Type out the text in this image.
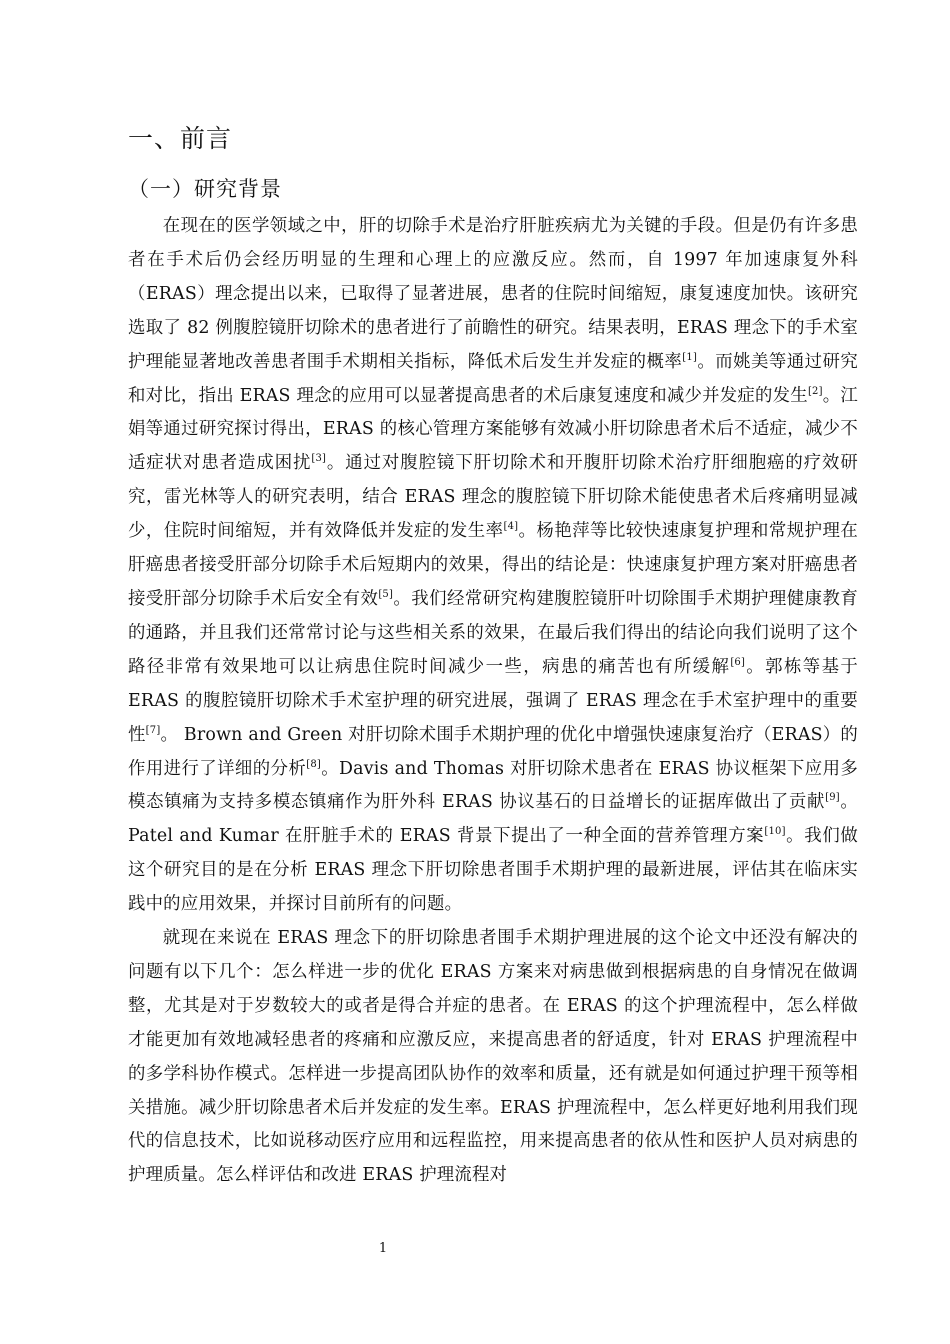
一、前言
（一）研究背景

在现在的医学领域之中，肝的切除手术是治疗肝脏疾病尤为关键的手段。但是仍有许多患者在手术后仍会经历明显的生理和心理上的应激反应。然而，自 1997 年加速康复外科（ERAS）理念提出以来，已取得了显著进展，患者的住院时间缩短，康复速度加快。该研究选取了 82 例腹腔镜肝切除术的患者进行了前瞻性的研究。结果表明，ERAS 理念下的手术室护理能显著地改善患者围手术期相关指标，降低术后发生并发症的概率[1]。而姚美等通过研究和对比，指出 ERAS 理念的应用可以显著提高患者的术后康复速度和减少并发症的发生[2]。江娟等通过研究探讨得出，ERAS 的核心管理方案能够有效减小肝切除患者术后不适症，减少不适症状对患者造成困扰[3]。通过对腹腔镜下肝切除术和开腹肝切除术治疗肝细胞癌的疗效研究，雷光林等人的研究表明，结合 ERAS 理念的腹腔镜下肝切除术能使患者术后疼痛明显减少，住院时间缩短，并有效降低并发症的发生率[4]。杨艳萍等比较快速康复护理和常规护理在肝癌患者接受肝部分切除手术后短期内的效果，得出的结论是：快速康复护理方案对肝癌患者接受肝部分切除手术后安全有效[5]。我们经常研究构建腹腔镜肝叶切除围手术期护理健康教育的通路，并且我们还常常讨论与这些相关系的效果，在最后我们得出的结论向我们说明了这个路径非常有效果地可以让病患住院时间减少一些，病患的痛苦也有所缓解[6]。郭栋等基于 ERAS 的腹腔镜肝切除术手术室护理的研究进展，强调了 ERAS 理念在手术室护理中的重要性[7]。 Brown and Green 对肝切除术围手术期护理的优化中增强快速康复治疗（ERAS）的作用进行了详细的分析[8]。Davis and Thomas 对肝切除术患者在 ERAS 协议框架下应用多模态镇痛为支持多模态镇痛作为肝外科 ERAS 协议基石的日益增长的证据库做出了贡献[9]。Patel and Kumar 在肝脏手术的 ERAS 背景下提出了一种全面的营养管理方案[10]。我们做这个研究目的是在分析 ERAS 理念下肝切除患者围手术期护理的最新进展，评估其在临床实践中的应用效果，并探讨目前所有的问题。

就现在来说在 ERAS 理念下的肝切除患者围手术期护理进展的这个论文中还没有解决的问题有以下几个：怎么样进一步的优化 ERAS 方案来对病患做到根据病患的自身情况在做调整，尤其是对于岁数较大的或者是得合并症的患者。在 ERAS 的这个护理流程中，怎么样做才能更加有效地减轻患者的疼痛和应激反应，来提高患者的舒适度，针对 ERAS 护理流程中的多学科协作模式。怎样进一步提高团队协作的效率和质量，还有就是如何通过护理干预等相关措施。减少肝切除患者术后并发症的发生率。ERAS 护理流程中，怎么样更好地利用我们现代的信息技术，比如说移动医疗应用和远程监控，用来提高患者的依从性和医护人员对病患的护理质量。怎么样评估和改进 ERAS 护理流程对

1
